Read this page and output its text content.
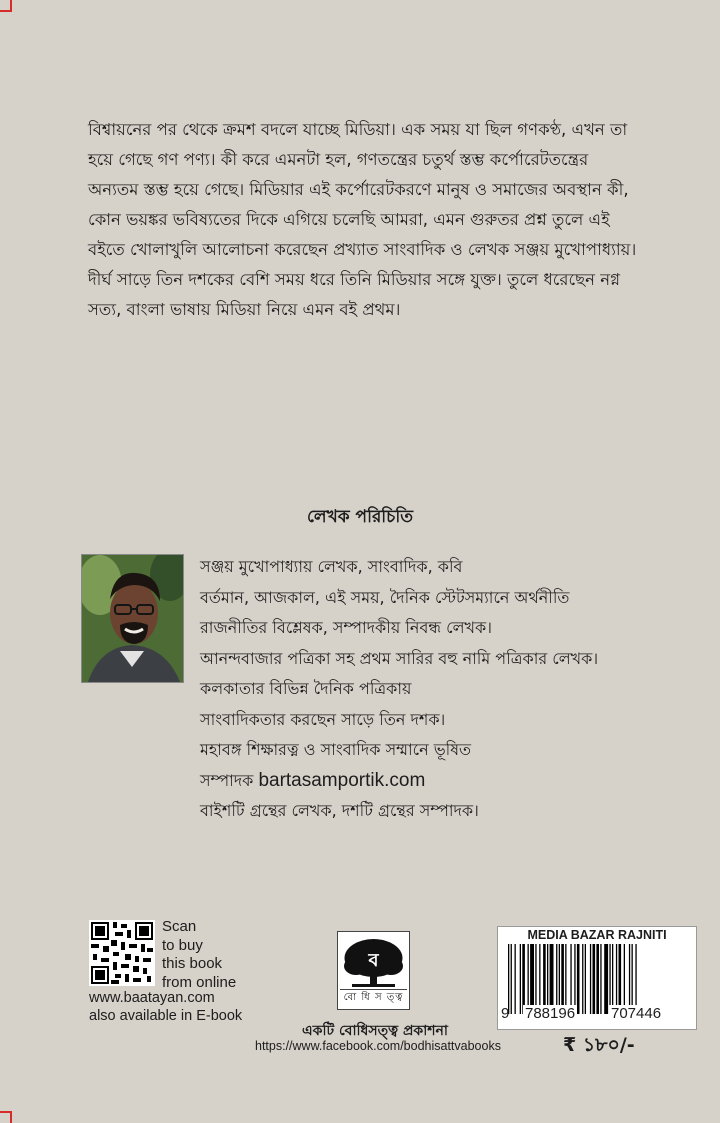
বিশ্বায়নের পর থেকে ক্রমশ বদলে যাচ্ছে মিডিয়া। এক সময় যা ছিল গণকণ্ঠ, এখন তা
হয়ে গেছে গণ পণ্য। কী করে এমনটা হল, গণতন্ত্রের চতুর্থ স্তম্ভ কর্পোরেটতন্ত্রের
অন্যতম স্তম্ভ হয়ে গেছে। মিডিয়ার এই কর্পোরেটকরণে মানুষ ও সমাজের অবস্থান কী,
কোন ভয়ঙ্কর ভবিষ্যতের দিকে এগিয়ে চলেছি আমরা, এমন গুরুতর প্রশ্ন তুলে এই
বইতে খোলাখুলি আলোচনা করেছেন প্রখ্যাত সাংবাদিক ও লেখক সঞ্জয় মুখোপাধ্যায়।
দীর্ঘ সাড়ে তিন দশকের বেশি সময় ধরে তিনি মিডিয়ার সঙ্গে যুক্ত। তুলে ধরেছেন নগ্ন
সত্য, বাংলা ভাষায় মিডিয়া নিয়ে এমন বই প্রথম।
লেখক পরিচিতি
সঞ্জয় মুখোপাধ্যায় লেখক, সাংবাদিক, কবি
বর্তমান, আজকাল, এই সময়, দৈনিক স্টেটসম্যানে অর্থনীতি
রাজনীতির বিশ্লেষক, সম্পাদকীয় নিবন্ধ লেখক।
আনন্দবাজার পত্রিকা সহ প্রথম সারির বহু নামি পত্রিকার লেখক।
কলকাতার বিভিন্ন দৈনিক পত্রিকায়
সাংবাদিকতার করছেন সাড়ে তিন দশক।
মহাবঙ্গ শিক্ষারত্ন ও সাংবাদিক সম্মানে ভূষিত
সম্পাদক bartasamportik.com
বাইশটি গ্রন্থের লেখক, দশটি গ্রন্থের সম্পাদক।
Scan
to buy
this book
from online
www.baatayan.com
also available in E-book
ব
বো ধি স ত্ত্ব
একটি বোধিসত্ত্ব প্রকাশনা
https://www.facebook.com/bodhisattvabooks
MEDIA BAZAR RAJNITI
9 788196 707446
₹ ১৮০/-
